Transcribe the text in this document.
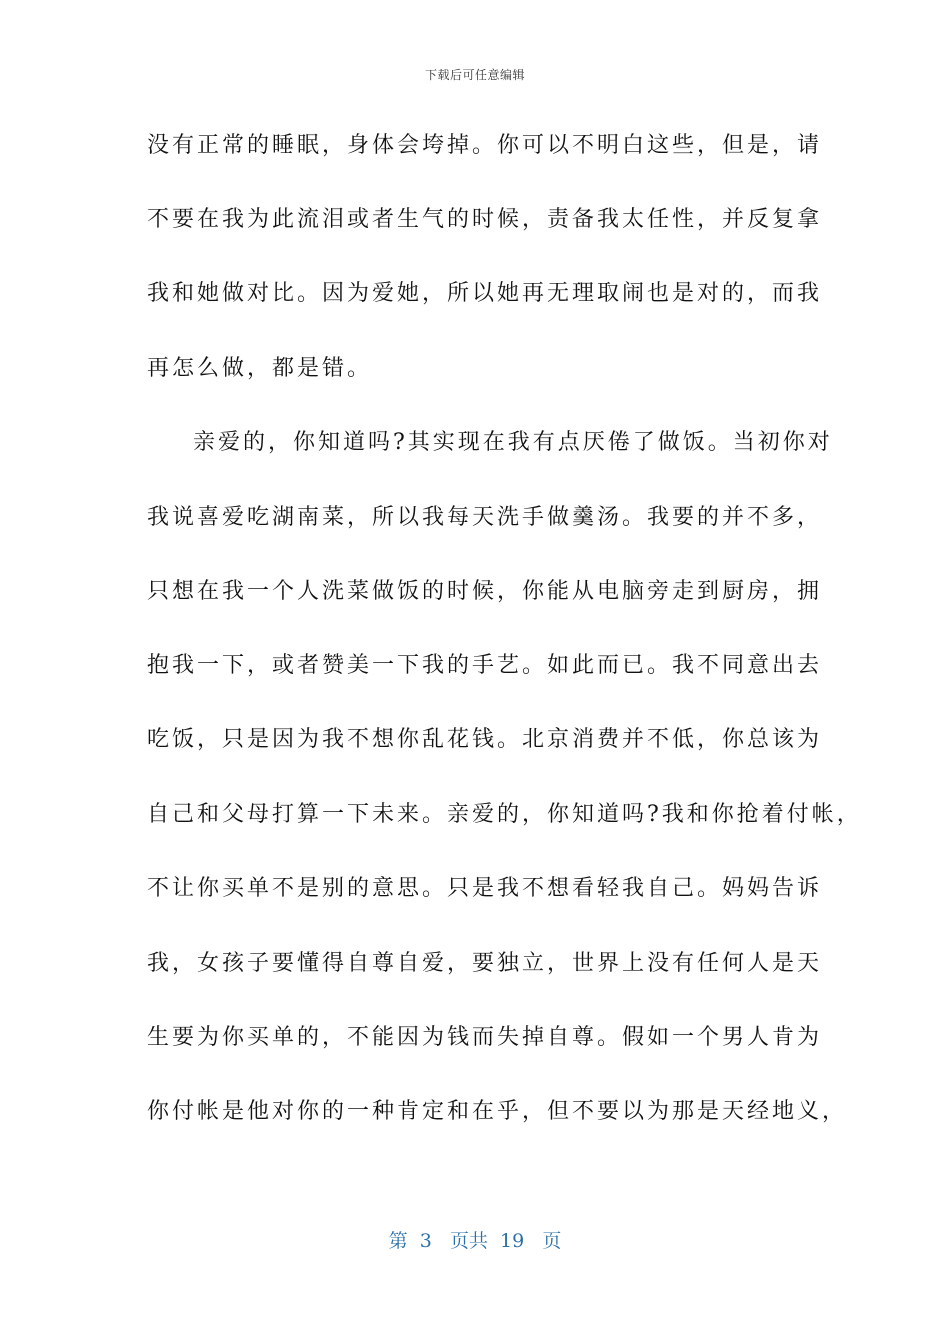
下载后可任意编辑
没有正常的睡眠，身体会垮掉。你可以不明白这些，但是，请
不要在我为此流泪或者生气的时候，责备我太任性，并反复拿
我和她做对比。因为爱她，所以她再无理取闹也是对的，而我
再怎么做，都是错。
亲爱的，你知道吗?其实现在我有点厌倦了做饭。当初你对
我说喜爱吃湖南菜，所以我每天洗手做羹汤。我要的并不多，
只想在我一个人洗菜做饭的时候，你能从电脑旁走到厨房，拥
抱我一下，或者赞美一下我的手艺。如此而已。我不同意出去
吃饭，只是因为我不想你乱花钱。北京消费并不低，你总该为
自己和父母打算一下未来。亲爱的，你知道吗?我和你抢着付帐，
不让你买单不是别的意思。只是我不想看轻我自己。妈妈告诉
我，女孩子要懂得自尊自爱，要独立，世界上没有任何人是天
生要为你买单的，不能因为钱而失掉自尊。假如一个男人肯为
你付帐是他对你的一种肯定和在乎，但不要以为那是天经地义，
第 3 页共 19 页
